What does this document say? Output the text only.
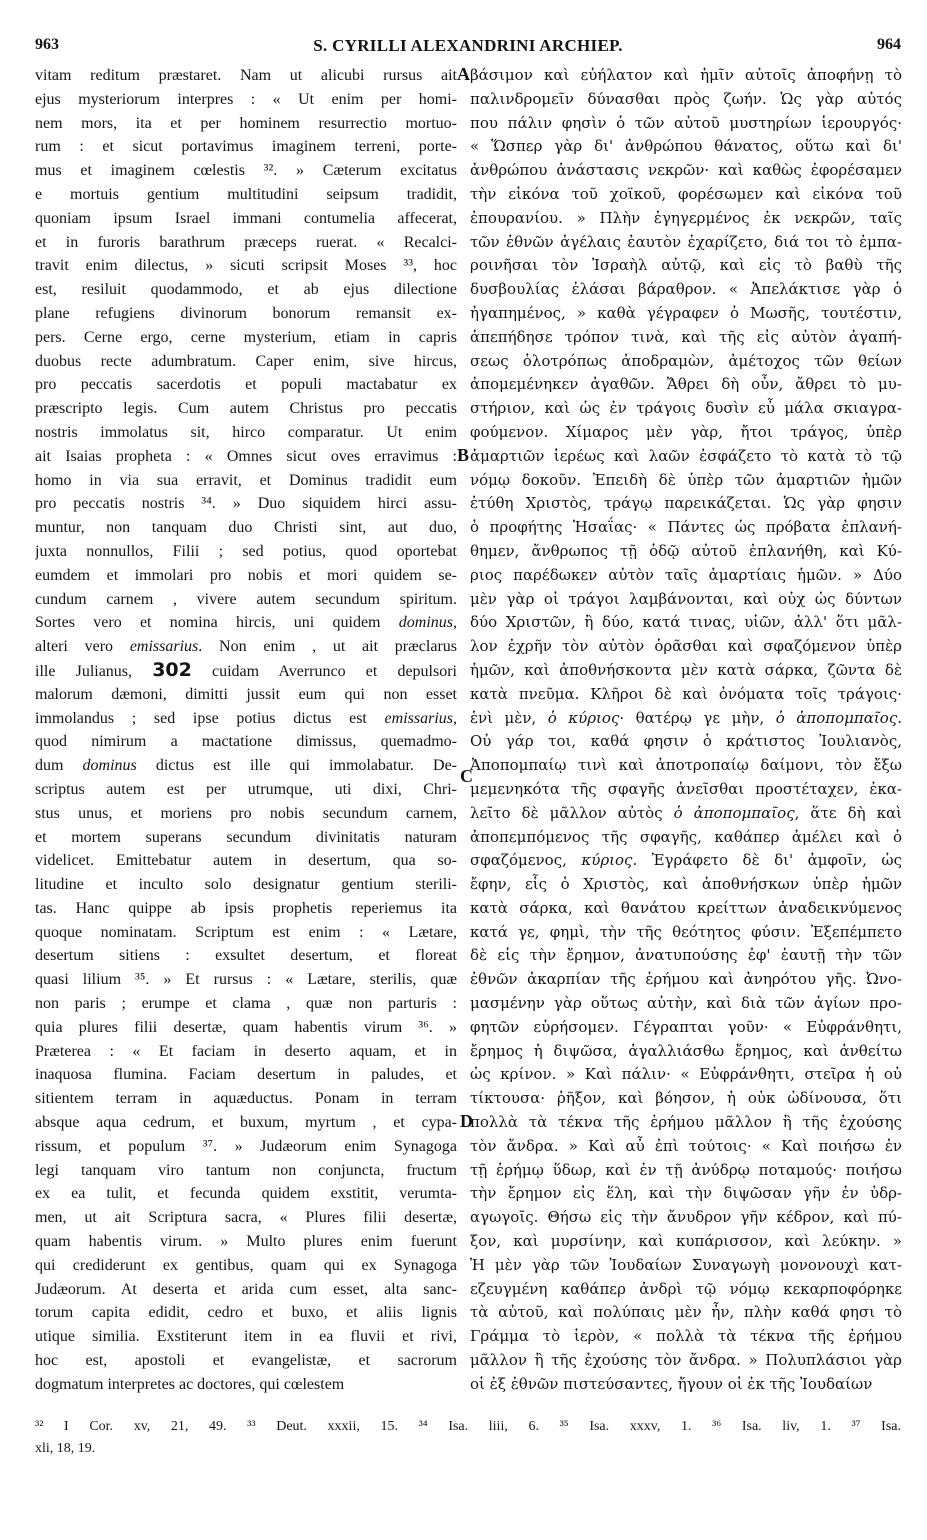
963	S. CYRILLI ALEXANDRINI ARCHIEP.	964
vitam reditum præstaret. Nam ut alicubi rursus ait
ejus mysteriorum interpres : « Ut enim per homi-
nem mors, ita et per hominem resurrectio mortuo-
rum : et sicut portavimus imaginem terreni, porte-
mus et imaginem cœlestis ³². » Cæterum excitatus
e mortuis gentium multitudini seipsum tradidit,
quoniam ipsum Israel immani contumelia affecerat,
et in furoris barathrum præceps ruerat. « Recalci-
travit enim dilectus, » sicuti scripsit Moses ³³, hoc
est, resiluit quodammodo, et ab ejus dilectione
plane refugiens divinorum bonorum remansit ex-
pers. Cerne ergo, cerne mysterium, etiam in capris
duobus recte adumbratum. Caper enim, sive hircus,
pro peccatis sacerdotis et populi mactabatur ex
præscripto legis. Cum autem Christus pro peccatis
nostris immolatus sit, hirco comparatur. Ut enim
ait Isaias propheta : « Omnes sicut oves erravimus :
homo in via sua erravit, et Dominus tradidit eum
pro peccatis nostris ³⁴. » Duo siquidem hirci assu-
muntur, non tanquam duo Christi sint, aut duo,
juxta nonnullos, Filii ; sed potius, quod oportebat
eumdem et immolari pro nobis et mori quidem se-
cundum carnem , vivere autem secundum spiritum.
Sortes vero et nomina hircis, uni quidem dominus,
alteri vero emissarius. Non enim , ut ait præclarus
ille Julianus, 302 cuidam Averrunco et depulsori
malorum dæmoni, dimitti jussit eum qui non esset
immolandus ; sed ipse potius dictus est emissarius,
quod nimirum a mactatione dimissus, quemadmo-
dum dominus dictus est ille qui immolabatur. De-
scriptus autem est per utrumque, uti dixi, Chri-
stus unus, et moriens pro nobis secundum carnem,
et mortem superans secundum divinitatis naturam
videlicet. Emittebatur autem in desertum, qua so-
litudine et inculto solo designatur gentium sterili-
tas. Hanc quippe ab ipsis prophetis reperiemus ita
quoque nominatam. Scriptum est enim : « Lætare,
desertum sitiens : exsultet desertum, et floreat
quasi lilium ³⁵. » Et rursus : « Lætare, sterilis, quæ
non paris ; erumpe et clama , quæ non parturis :
quia plures filii desertæ, quam habentis virum ³⁶. »
Præterea : « Et faciam in deserto aquam, et in
inaquosa flumina. Faciam desertum in paludes, et
sitientem terram in aquæductus. Ponam in terram
absque aqua cedrum, et buxum, myrtum , et cypa-
rissum, et populum ³⁷. » Judæorum enim Synagoga
legi tanquam viro tantum non conjuncta, fructum
ex ea tulit, et fecunda quidem exstitit, verumta-
men, ut ait Scriptura sacra, « Plures filii desertæ,
quam habentis virum. » Multo plures enim fuerunt
qui crediderunt ex gentibus, quam qui ex Synagoga
Judæorum. At deserta et arida cum esset, alta sanc-
torum capita edidit, cedro et buxo, et aliis lignis
utique similia. Exstiterunt item in ea fluvii et rivi,
hoc est, apostoli et evangelistæ, et sacrorum
dogmatum interpretes ac doctores, qui cœlestem
βάσιμον καὶ εὐήλατον καὶ ἡμῖν αὐτοῖς ἀποφήνῃ τὸ
παλινδρομεῖν δύνασθαι πρὸς ζωήν. Ὡς γὰρ αὐτός
που πάλιν φησὶν ὁ τῶν αὐτοῦ μυστηρίων ἱερουργός·
« Ὥσπερ γὰρ δι' ἀνθρώπου θάνατος, οὕτω καὶ δι'
ἀνθρώπου ἀνάστασις νεκρῶν· καὶ καθὼς ἐφορέσαμεν
τὴν εἰκόνα τοῦ χοϊκοῦ, φορέσωμεν καὶ εἰκόνα τοῦ
ἐπουρανίου. » Πλὴν ἐγηγερμένος ἐκ νεκρῶν, ταῖς
τῶν ἐθνῶν ἀγέλαις ἑαυτὸν ἐχαρίζετο, διά τοι τὸ ἐμπα-
ροινῆσαι τὸν Ἰσραὴλ αὐτῷ, καὶ εἰς τὸ βαθὺ τῆς
δυσβουλίας ἐλάσαι βάραθρον. « Ἀπελάκτισε γὰρ ὁ
ἠγαπημένος, » καθὰ γέγραφεν ὁ Μωσῆς, τουτέστιν,
ἀπεπήδησε τρόπον τινὰ, καὶ τῆς εἰς αὐτὸν ἀγαπή-
σεως ὁλοτρόπως ἀποδραμὼν, ἀμέτοχος τῶν θείων
ἀπομεμένηκεν ἀγαθῶν. Ἄθρει δὴ οὖν, ἄθρει τὸ μυ-
στήριον, καὶ ὡς ἐν τράγοις δυσὶν εὖ μάλα σκιαγρα-
φούμενον. Χίμαρος μὲν γὰρ, ἤτοι τράγος, ὑπὲρ
ἁμαρτιῶν ἱερέως καὶ λαῶν ἐσφάζετο τὸ κατὰ τὸ τῷ
νόμῳ δοκοῦν. Ἐπειδὴ δὲ ὑπὲρ τῶν ἁμαρτιῶν ἡμῶν
ἐτύθη Χριστὸς, τράγῳ παρεικάζεται. Ὡς γὰρ φησιν
ὁ προφήτης Ἡσαΐας· « Πάντες ὡς πρόβατα ἐπλανή-
θημεν, ἄνθρωπος τῇ ὁδῷ αὐτοῦ ἐπλανήθη, καὶ Κύ-
ριος παρέδωκεν αὐτὸν ταῖς ἁμαρτίαις ἡμῶν. » Δύο
μὲν γὰρ οἱ τράγοι λαμβάνονται, καὶ οὐχ ὡς δύντων
δύο Χριστῶν, ἢ δύο, κατά τινας, υἱῶν, ἀλλ' ὅτι μᾶλ-
λον ἐχρῆν τὸν αὐτὸν ὁρᾶσθαι καὶ σφαζόμενον ὑπὲρ
ἡμῶν, καὶ ἀποθνήσκοντα μὲν κατὰ σάρκα, ζῶντα δὲ
κατὰ πνεῦμα. Κλῆροι δὲ καὶ ὀνόματα τοῖς τράγοις·
ἑνὶ μὲν, ὁ κύριος· θατέρῳ γε μὴν, ὁ ἀποπομπαῖος.
Οὐ γάρ τοι, καθά φησιν ὁ κράτιστος Ἰουλιανὸς,
Ἀποπομπαίῳ τινὶ καὶ ἀποτροπαίῳ δαίμονι, τὸν ἔξω
μεμενηκότα τῆς σφαγῆς ἀνεῖσθαι προστέταχεν, ἐκα-
λεῖτο δὲ μᾶλλον αὐτὸς ὁ ἀποπομπαῖος, ἅτε δὴ καὶ
ἀποπεμπόμενος τῆς σφαγῆς, καθάπερ ἀμέλει καὶ ὁ
σφαζόμενος, κύριος. Ἐγράφετο δὲ δι' ἀμφοῖν, ὡς
ἔφην, εἷς ὁ Χριστὸς, καὶ ἀποθνήσκων ὑπὲρ ἡμῶν
κατὰ σάρκα, καὶ θανάτου κρείττων ἀναδεικνύμενος
κατά γε, φημὶ, τὴν τῆς θεότητος φύσιν. Ἐξεπέμπετο
δὲ εἰς τὴν ἔρημον, ἀνατυπούσης ἐφ' ἑαυτῇ τὴν τῶν
ἐθνῶν ἀκαρπίαν τῆς ἐρήμου καὶ ἀνηρότου γῆς. Ὠνο-
μασμένην γὰρ οὕτως αὐτὴν, καὶ διὰ τῶν ἁγίων προ-
φητῶν εὑρήσομεν. Γέγραπται γοῦν· « Εὐφράνθητι,
ἔρημος ἡ διψῶσα, ἀγαλλιάσθω ἔρημος, καὶ ἀνθείτω
ὡς κρίνον. » Καὶ πάλιν· « Εὐφράνθητι, στεῖρα ἡ οὐ
τίκτουσα· ῥῆξον, καὶ βόησον, ἡ οὐκ ὠδίνουσα, ὅτι
πολλὰ τὰ τέκνα τῆς ἐρήμου μᾶλλον ἢ τῆς ἐχούσης
τὸν ἄνδρα. » Καὶ αὖ ἐπὶ τούτοις· « Καὶ ποιήσω ἐν
τῇ ἐρήμῳ ὕδωρ, καὶ ἐν τῇ ἀνύδρῳ ποταμούς· ποιήσω
τὴν ἔρημον εἰς ἕλη, καὶ τὴν διψῶσαν γῆν ἐν ὑδρ-
αγωγοῖς. Θήσω εἰς τὴν ἄνυδρον γῆν κέδρον, καὶ πύ-
ξον, καὶ μυρσίνην, καὶ κυπάρισσον, καὶ λεύκην. »
Ἡ μὲν γὰρ τῶν Ἰουδαίων Συναγωγὴ μονονουχὶ κατ-
εζευγμένη καθάπερ ἀνδρὶ τῷ νόμῳ κεκαρποφόρηκε
τὰ αὐτοῦ, καὶ πολύπαις μὲν ἦν, πλὴν καθά φησι τὸ
Γράμμα τὸ ἱερὸν, « πολλὰ τὰ τέκνα τῆς ἐρήμου
μᾶλλον ἢ τῆς ἐχούσης τὸν ἄνδρα. » Πολυπλάσιοι γὰρ
οἱ ἐξ ἐθνῶν πιστεύσαντες, ἤγουν οἱ ἐκ τῆς Ἰουδαίων
A
B
C
D
³² I Cor. xv, 21, 49. ³³ Deut. xxxii, 15. ³⁴ Isa. liii, 6. ³⁵ Isa. xxxv, 1. ³⁶ Isa. liv, 1. ³⁷ Isa.
xli, 18, 19.
